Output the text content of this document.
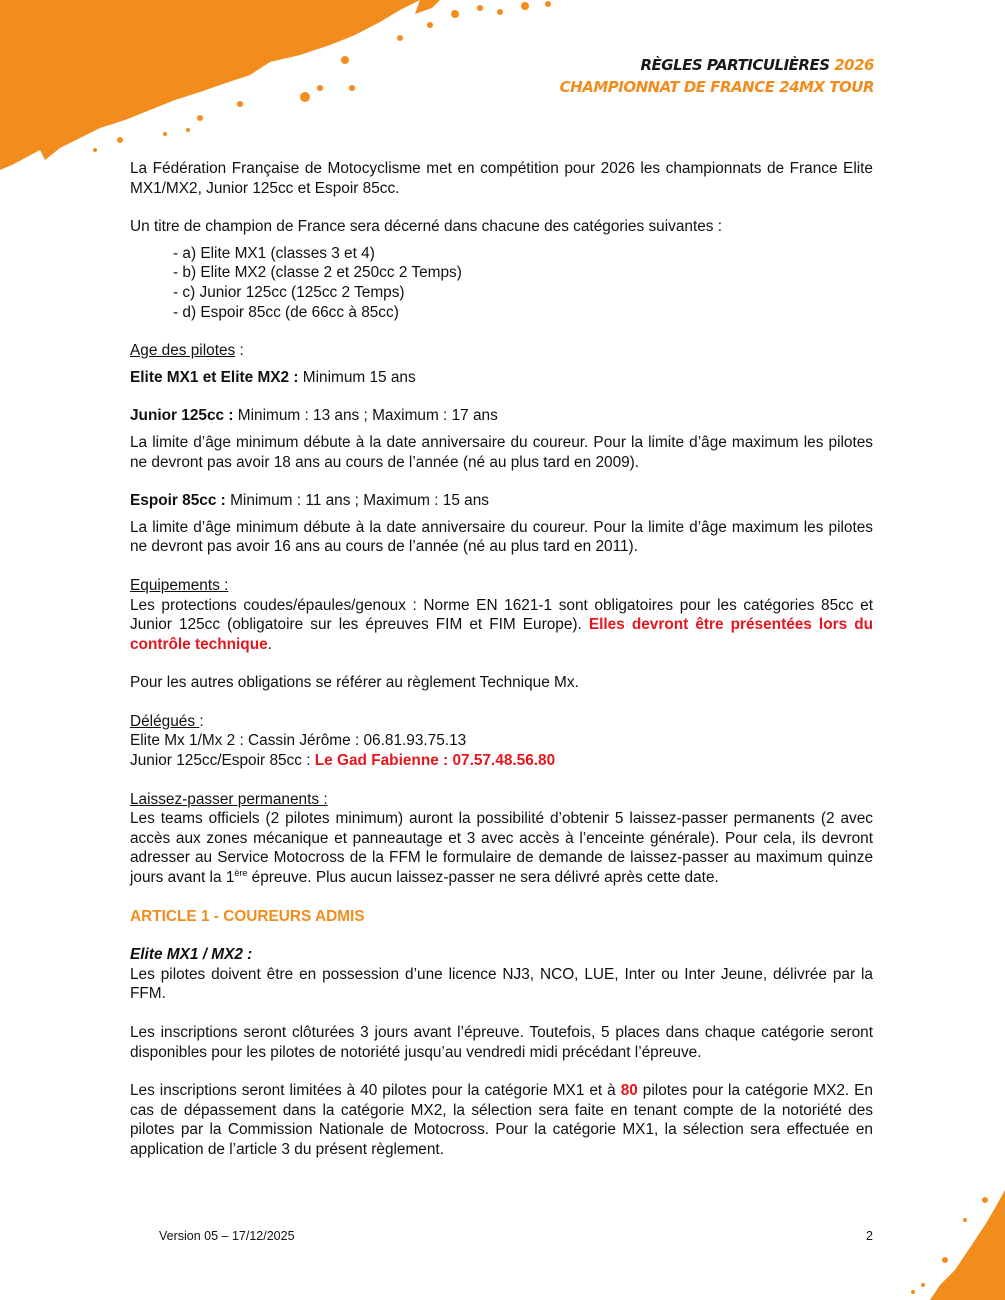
RÈGLES PARTICULIÈRES 2026
CHAMPIONNAT DE FRANCE 24MX TOUR

La Fédération Française de Motocyclisme met en compétition pour 2026 les championnats de France Elite MX1/MX2, Junior 125cc et Espoir 85cc.

Un titre de champion de France sera décerné dans chacune des catégories suivantes :

- a) Elite MX1 (classes 3 et 4)
- b) Elite MX2 (classe 2 et 250cc 2 Temps)
- c) Junior 125cc (125cc 2 Temps)
- d) Espoir 85cc (de 66cc à 85cc)

Age des pilotes :

Elite MX1 et Elite MX2 : Minimum 15 ans

Junior 125cc : Minimum : 13 ans ; Maximum : 17 ans

La limite d’âge minimum débute à la date anniversaire du coureur. Pour la limite d’âge maximum les pilotes ne devront pas avoir 18 ans au cours de l’année (né au plus tard en 2009).

Espoir 85cc : Minimum : 11 ans ; Maximum : 15 ans

La limite d’âge minimum débute à la date anniversaire du coureur. Pour la limite d’âge maximum les pilotes ne devront pas avoir 16 ans au cours de l’année (né au plus tard en 2011).

Equipements :

Les protections coudes/épaules/genoux : Norme EN 1621-1 sont obligatoires pour les catégories 85cc et Junior 125cc (obligatoire sur les épreuves FIM et FIM Europe). Elles devront être présentées lors du contrôle technique.

Pour les autres obligations se référer au règlement Technique Mx.

Délégués :

Elite Mx 1/Mx 2 : Cassin Jérôme : 06.81.93.75.13

Junior 125cc/Espoir 85cc : Le Gad Fabienne : 07.57.48.56.80

Laissez-passer permanents :

Les teams officiels (2 pilotes minimum) auront la possibilité d’obtenir 5 laissez-passer permanents (2 avec accès aux zones mécanique et panneautage et 3 avec accès à l’enceinte générale). Pour cela, ils devront adresser au Service Motocross de la FFM le formulaire de demande de laissez-passer au maximum quinze jours avant la 1ère épreuve. Plus aucun laissez-passer ne sera délivré après cette date.

ARTICLE 1 - COUREURS ADMIS

Elite MX1 / MX2 :

Les pilotes doivent être en possession d’une licence NJ3, NCO, LUE, Inter ou Inter Jeune, délivrée par la FFM.

Les inscriptions seront clôturées 3 jours avant l’épreuve. Toutefois, 5 places dans chaque catégorie seront disponibles pour les pilotes de notoriété jusqu’au vendredi midi précédant l’épreuve.

Les inscriptions seront limitées à 40 pilotes pour la catégorie MX1 et à 80 pilotes pour la catégorie MX2. En cas de dépassement dans la catégorie MX2, la sélection sera faite en tenant compte de la notoriété des pilotes par la Commission Nationale de Motocross. Pour la catégorie MX1, la sélection sera effectuée en application de l’article 3 du présent règlement.

Version 05 – 17/12/2025	2
